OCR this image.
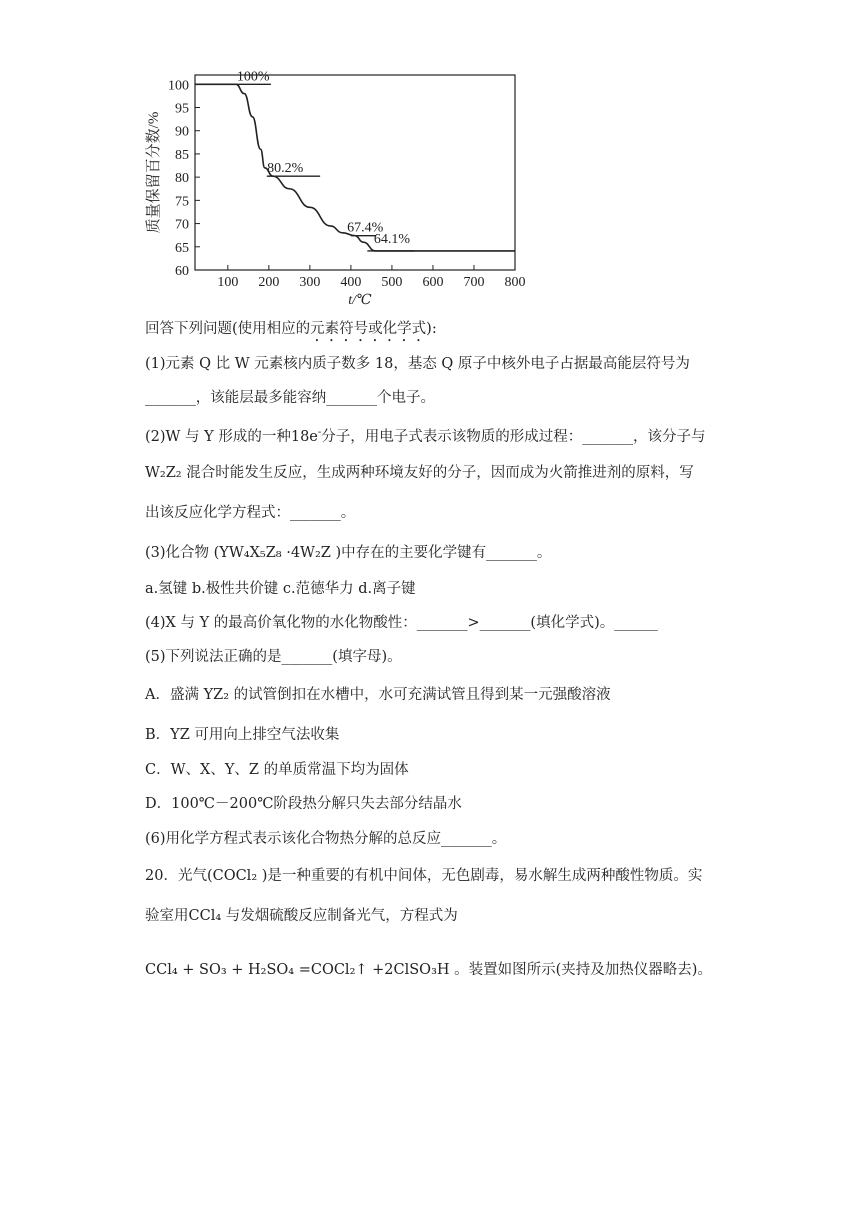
100 200 300 400 500 600 700 800
100
95
90
85
80
75
70
65
60
100%
80.2%
67.4%
64.1%
t/℃
质量保留百分数/%
回答下列问题(使用相应的元素符号或化学式):
(1)元素 Q 比 W 元素核内质子数多 18，基态 Q 原子中核外电子占据最高能层符号为
_______，该能层最多能容纳_______个电子。
(2)W 与 Y 形成的一种18e-分子，用电子式表示该物质的形成过程：_______，该分子与
W₂Z₂ 混合时能发生反应，生成两种环境友好的分子，因而成为火箭推进剂的原料，写
出该反应化学方程式：_______。
(3)化合物 (YW₄X₅Z₈ ·4W₂Z )中存在的主要化学键有_______。
a.氢键 b.极性共价键 c.范德华力 d.离子键
(4)X 与 Y 的最高价氧化物的水化物酸性：_______>_______(填化学式)。______
(5)下列说法正确的是_______(填字母)。
A．盛满 YZ₂ 的试管倒扣在水槽中，水可充满试管且得到某一元强酸溶液
B．YZ 可用向上排空气法收集
C．W、X、Y、Z 的单质常温下均为固体
D．100℃－200℃阶段热分解只失去部分结晶水
(6)用化学方程式表示该化合物热分解的总反应_______。
20．光气(COCl₂ )是一种重要的有机中间体，无色剧毒，易水解生成两种酸性物质。实
验室用CCl₄ 与发烟硫酸反应制备光气，方程式为
CCl₄ + SO₃ + H₂SO₄ =COCl₂↑ +2ClSO₃H 。装置如图所示(夹持及加热仪器略去)。
